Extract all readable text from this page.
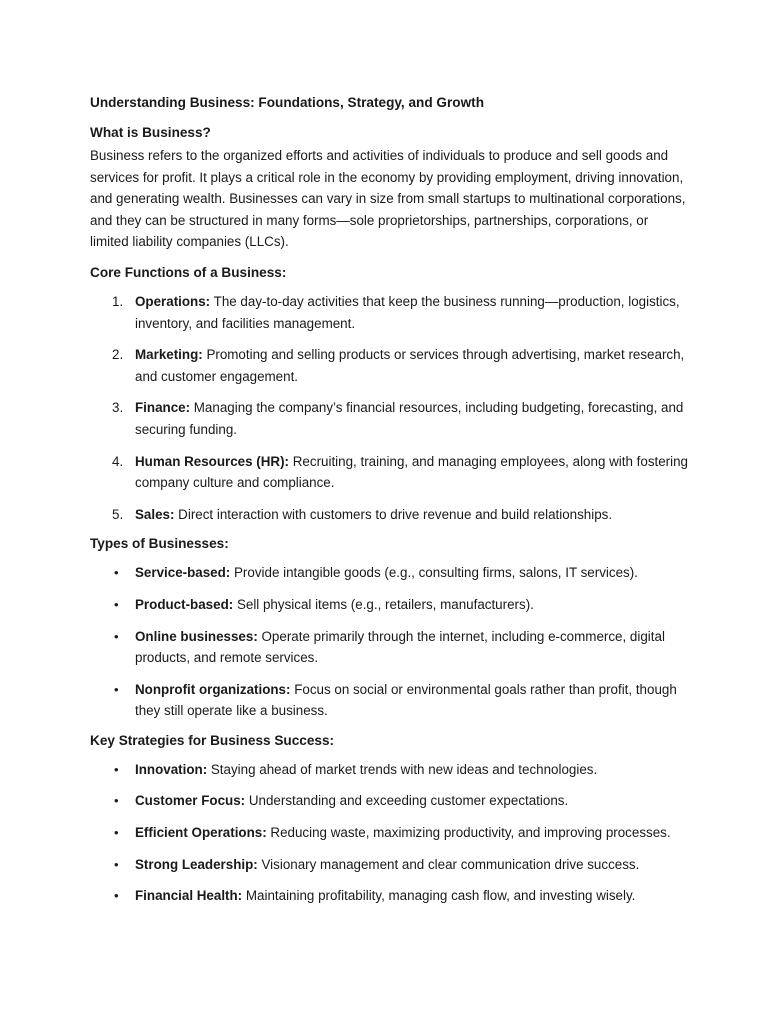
Understanding Business: Foundations, Strategy, and Growth
What is Business?

Business refers to the organized efforts and activities of individuals to produce and sell goods and services for profit. It plays a critical role in the economy by providing employment, driving innovation, and generating wealth. Businesses can vary in size from small startups to multinational corporations, and they can be structured in many forms—sole proprietorships, partnerships, corporations, or limited liability companies (LLCs).

Core Functions of a Business:
1. Operations: The day-to-day activities that keep the business running—production, logistics, inventory, and facilities management.
2. Marketing: Promoting and selling products or services through advertising, market research, and customer engagement.
3. Finance: Managing the company’s financial resources, including budgeting, forecasting, and securing funding.
4. Human Resources (HR): Recruiting, training, and managing employees, along with fostering company culture and compliance.
5. Sales: Direct interaction with customers to drive revenue and build relationships.
Types of Businesses:
• Service-based: Provide intangible goods (e.g., consulting firms, salons, IT services).
• Product-based: Sell physical items (e.g., retailers, manufacturers).
• Online businesses: Operate primarily through the internet, including e-commerce, digital products, and remote services.
• Nonprofit organizations: Focus on social or environmental goals rather than profit, though they still operate like a business.
Key Strategies for Business Success:
• Innovation: Staying ahead of market trends with new ideas and technologies.
• Customer Focus: Understanding and exceeding customer expectations.
• Efficient Operations: Reducing waste, maximizing productivity, and improving processes.
• Strong Leadership: Visionary management and clear communication drive success.
• Financial Health: Maintaining profitability, managing cash flow, and investing wisely.
